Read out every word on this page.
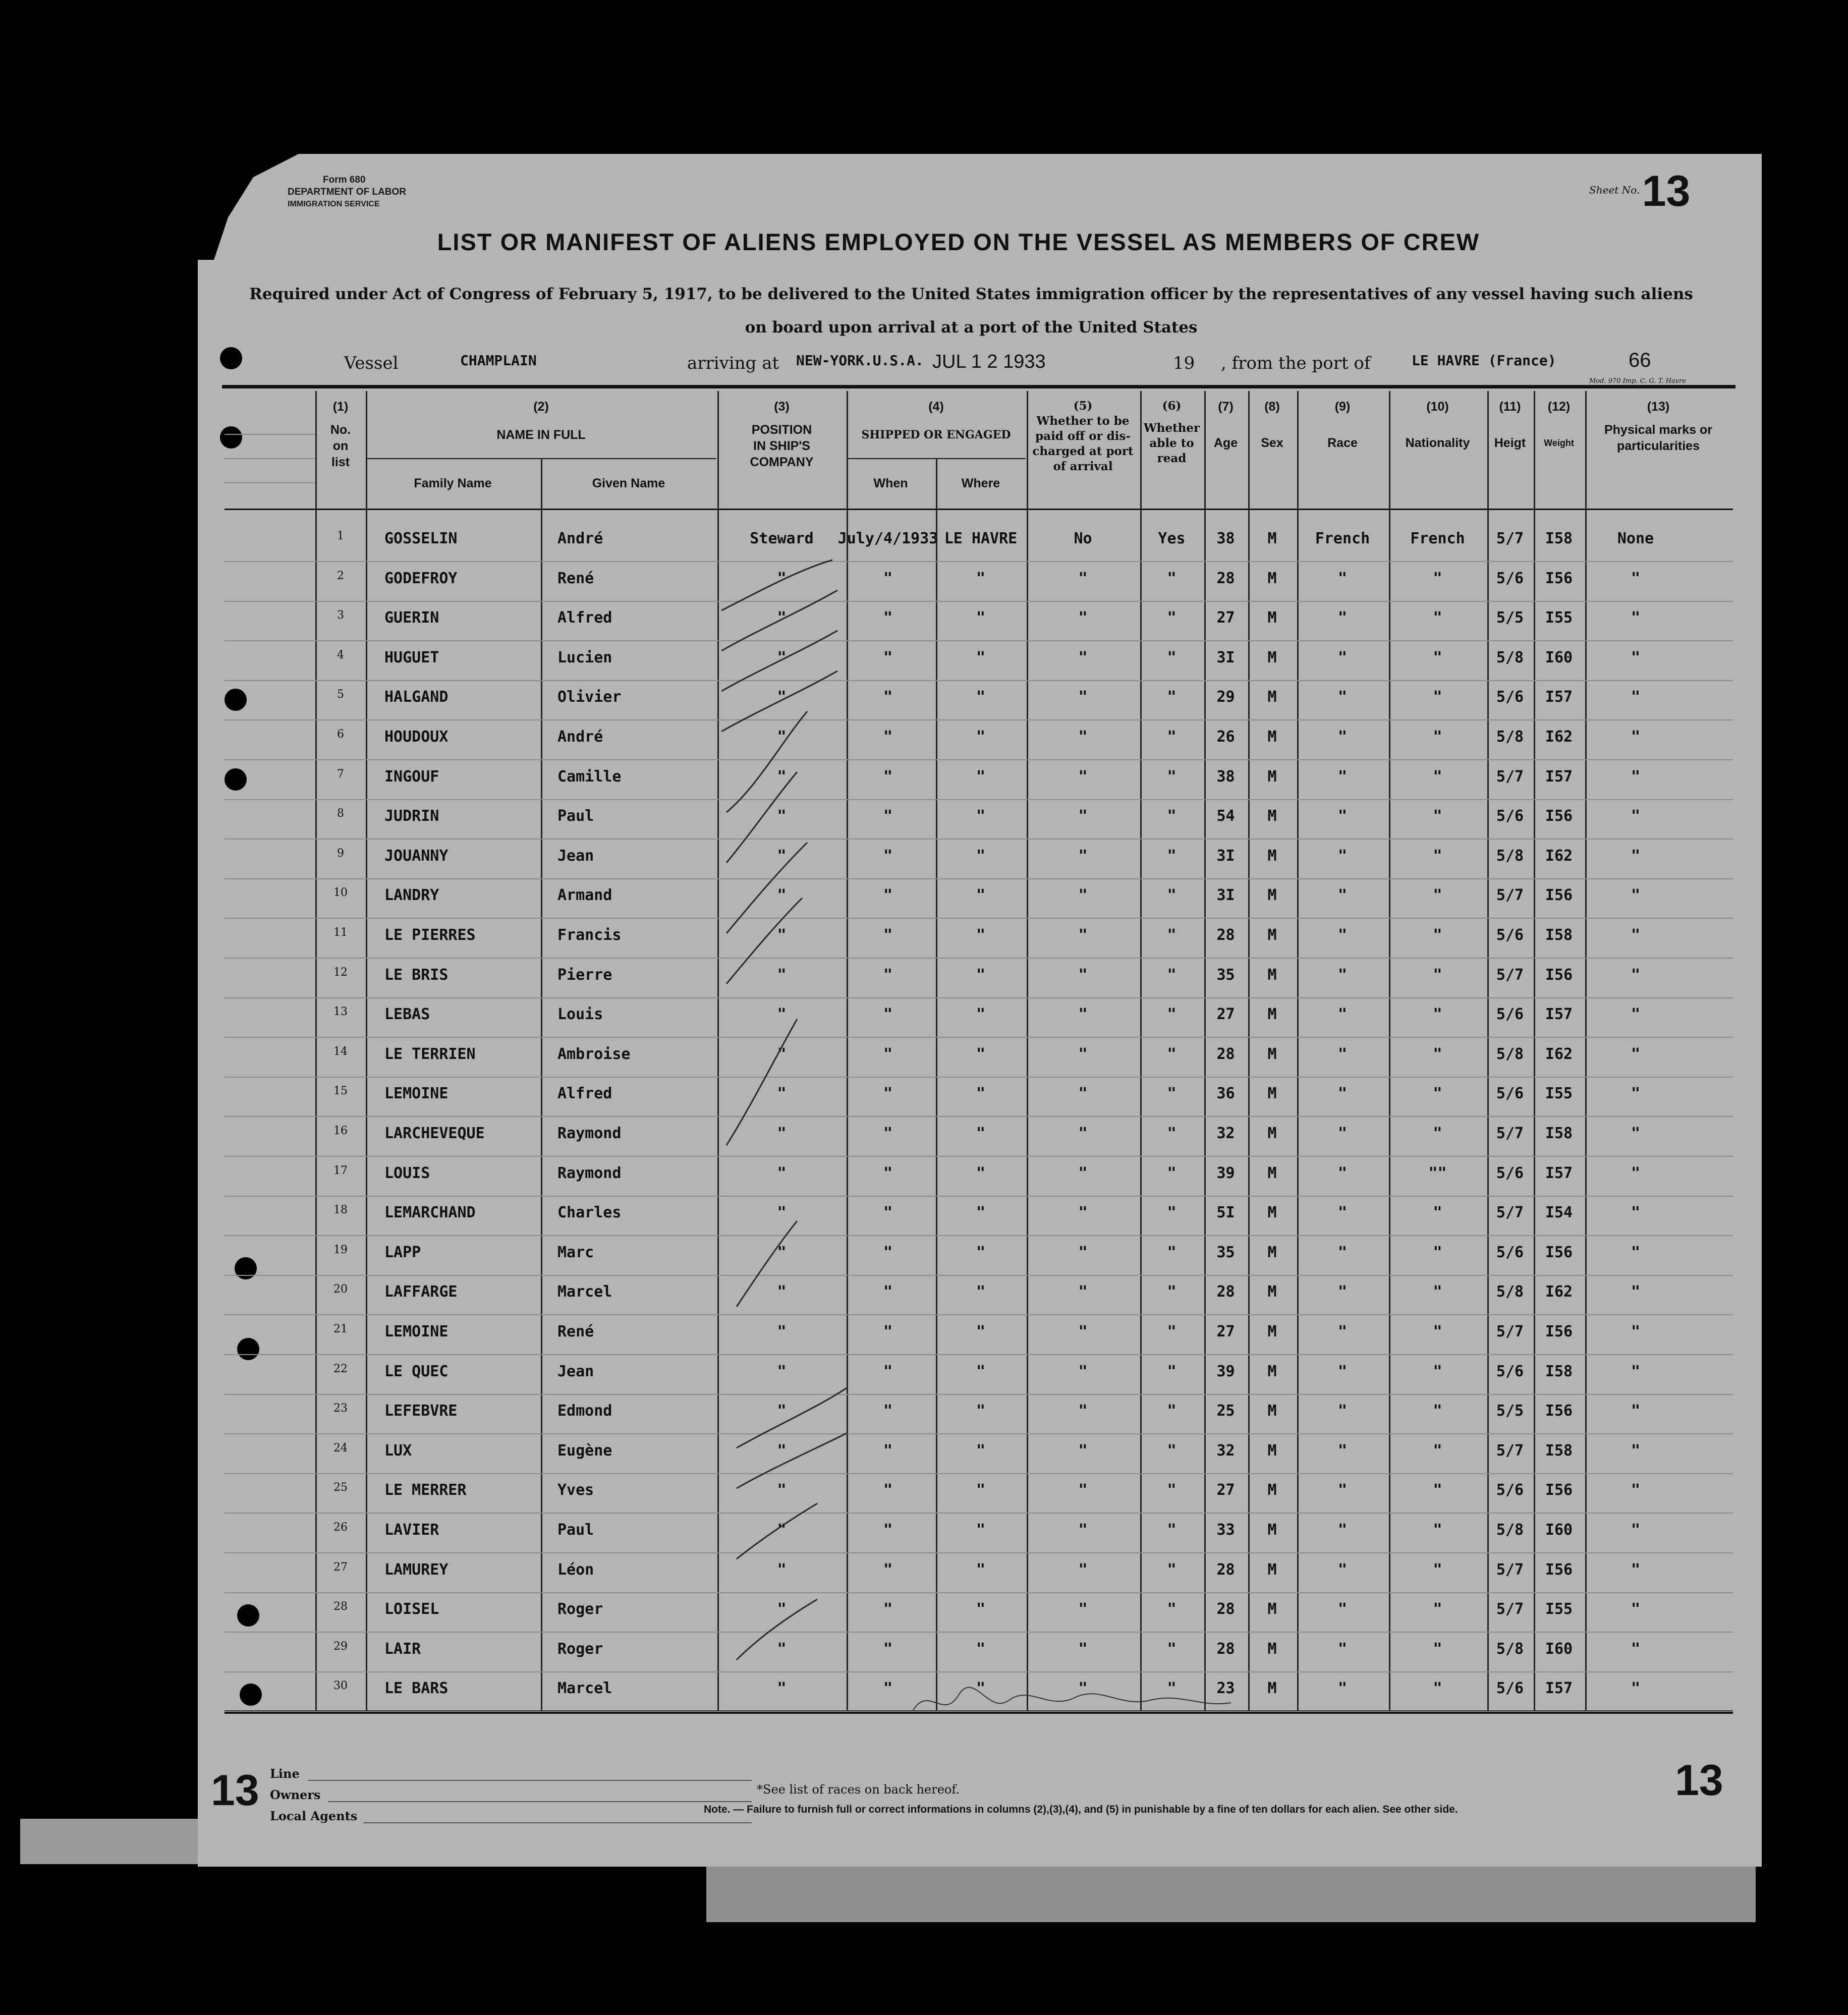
Form 680
DEPARTMENT OF LABOR
IMMIGRATION SERVICE
Sheet No. 13
LIST OR MANIFEST OF ALIENS EMPLOYED ON THE VESSEL AS MEMBERS OF CREW
Required under Act of Congress of February 5, 1917, to be delivered to the United States immigration officer by the representatives of any vessel having such aliens
on board upon arrival at a port of the United States
Vessel	CHAMPLAIN	arriving at NEW-YORK.U.S.A. JUL 1 2 1933	19 , from the port of	LE HAVRE (France)	66
Mod. 970 Imp. C. G. T. Havre
(1)
No.
on
list
(2)
NAME IN FULL
Family Name	Given Name
(3)
POSITION
IN SHIP'S
COMPANY
(4)
SHIPPED OR ENGAGED
When	Where
(5)
Whether to be
paid off or dis-
charged at port
of arrival
(6)
Whether
able to
read
(7)
Age
(8)
Sex
(9)
Race
(10)
Nationality
(11)
Heigt
(12)
Weight
(13)
Physical marks or
particularities
1	GOSSELIN	André	Steward	July/4/1933 LE HAVRE	No	Yes	38	M	French	French	5/7	I58	None
2	GODEFROY	René	"	"	"	"	"	28	M	"	"	5/6	I56	"
3	GUERIN	Alfred	"	"	"	"	"	27	M	"	"	5/5	I55	"
4	HUGUET	Lucien	"	"	"	"	"	3I	M	"	"	5/8	I60	"
5	HALGAND	Olivier	"	"	"	"	"	29	M	"	"	5/6	I57	"
6	HOUDOUX	André	"	"	"	"	"	26	M	"	"	5/8	I62	"
7	INGOUF	Camille	"	"	"	"	"	38	M	"	"	5/7	I57	"
8	JUDRIN	Paul	"	"	"	"	"	54	M	"	"	5/6	I56	"
9	JOUANNY	Jean	"	"	"	"	"	3I	M	"	"	5/8	I62	"
10	LANDRY	Armand	"	"	"	"	"	3I	M	"	"	5/7	I56	"
11	LE PIERRES	Francis	"	"	"	"	"	28	M	"	"	5/6	I58	"
12	LE BRIS	Pierre	"	"	"	"	"	35	M	"	"	5/7	I56	"
13	LEBAS	Louis	"	"	"	"	"	27	M	"	"	5/6	I57	"
14	LE TERRIEN	Ambroise	"	"	"	"	"	28	M	"	"	5/8	I62	"
15	LEMOINE	Alfred	"	"	"	"	"	36	M	"	"	5/6	I55	"
16	LARCHEVEQUE	Raymond	"	"	"	"	"	32	M	"	"	5/7	I58	"
17	LOUIS	Raymond	"	"	"	"	"	39	M	"	""	5/6	I57	"
18	LEMARCHAND	Charles	"	"	"	"	"	5I	M	"	"	5/7	I54	"
19	LAPP	Marc	"	"	"	"	"	35	M	"	"	5/6	I56	"
20	LAFFARGE	Marcel	"	"	"	"	"	28	M	"	"	5/8	I62	"
21	LEMOINE	René	"	"	"	"	"	27	M	"	"	5/7	I56	"
22	LE QUEC	Jean	"	"	"	"	"	39	M	"	"	5/6	I58	"
23	LEFEBVRE	Edmond	"	"	"	"	"	25	M	"	"	5/5	I56	"
24	LUX	Eugène	"	"	"	"	"	32	M	"	"	5/7	I58	"
25	LE MERRER	Yves	"	"	"	"	"	27	M	"	"	5/6	I56	"
26	LAVIER	Paul	"	"	"	"	"	33	M	"	"	5/8	I60	"
27	LAMUREY	Léon	"	"	"	"	"	28	M	"	"	5/7	I56	"
28	LOISEL	Roger	"	"	"	"	"	28	M	"	"	5/7	I55	"
29	LAIR	Roger	"	"	"	"	"	28	M	"	"	5/8	I60	"
30	LE BARS	Marcel	"	"	"	"	"	23	M	"	"	5/6	I57	"
13	13
Line
Owners
Local Agents
*See list of races on back hereof.
Note. — Failure to furnish full or correct informations in columns (2),(3),(4), and (5) in punishable by a fine of ten dollars for each alien. See other side.
